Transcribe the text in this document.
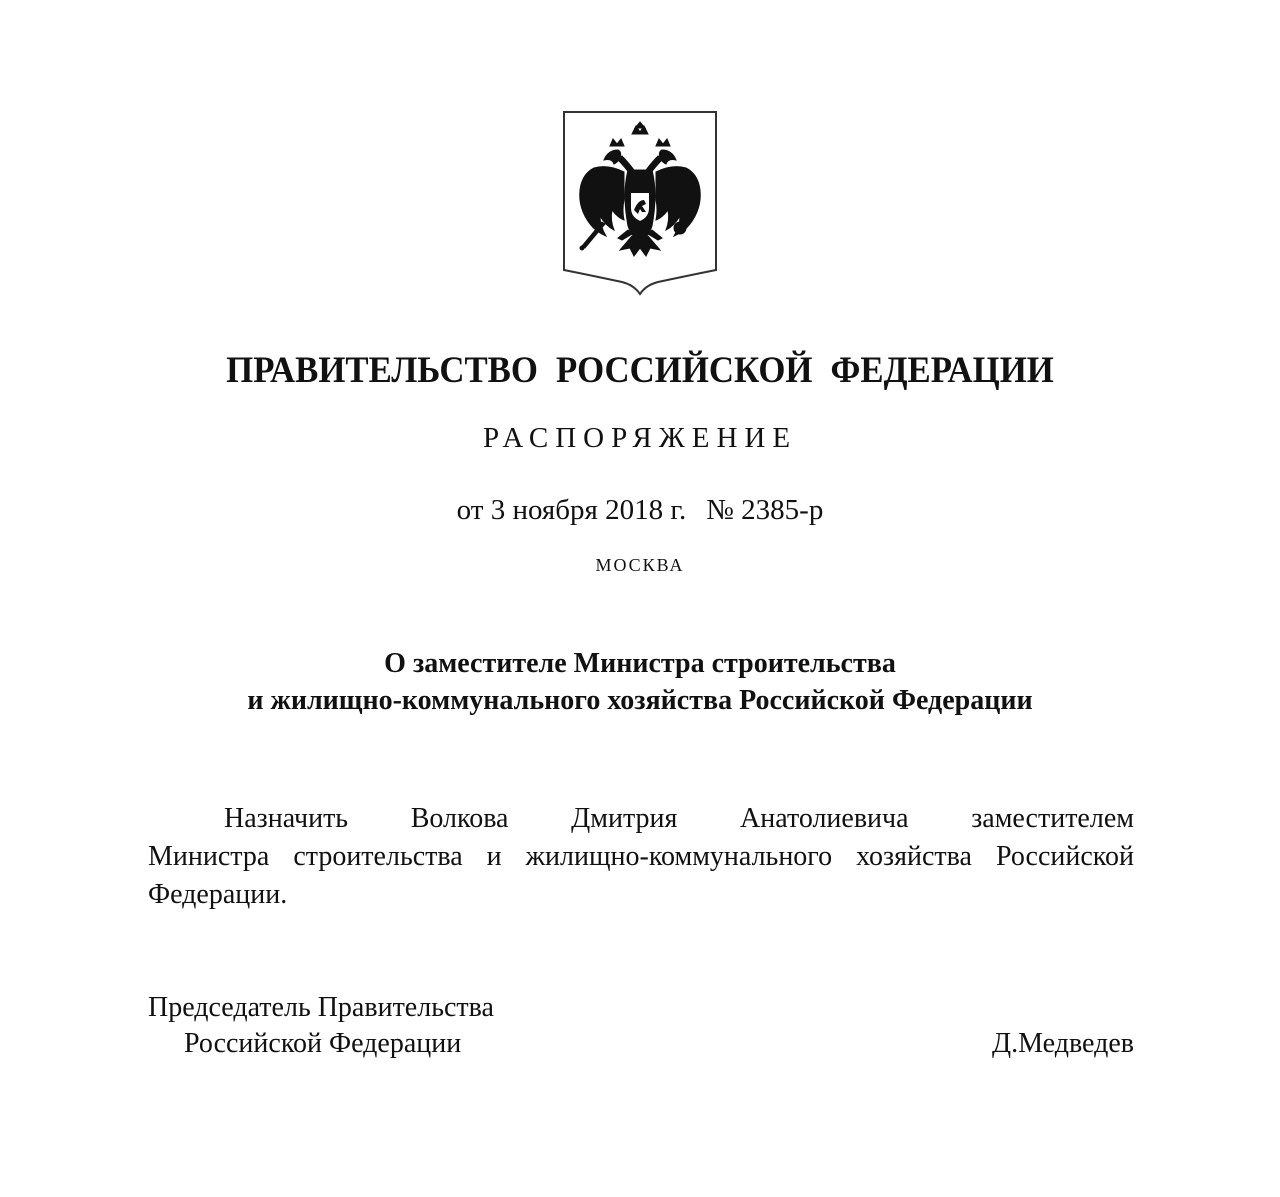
ПРАВИТЕЛЬСТВО РОССИЙСКОЙ ФЕДЕРАЦИИ
РАСПОРЯЖЕНИЕ
от 3 ноября 2018 г. № 2385-р
МОСКВА
О заместителе Министра строительства
и жилищно-коммунального хозяйства Российской Федерации
Назначить Волкова Дмитрия Анатолиевича заместителем
Министра строительства и жилищно-коммунального хозяйства Российской
Федерации.
Председатель Правительства
Российской Федерации	Д.Медведев
